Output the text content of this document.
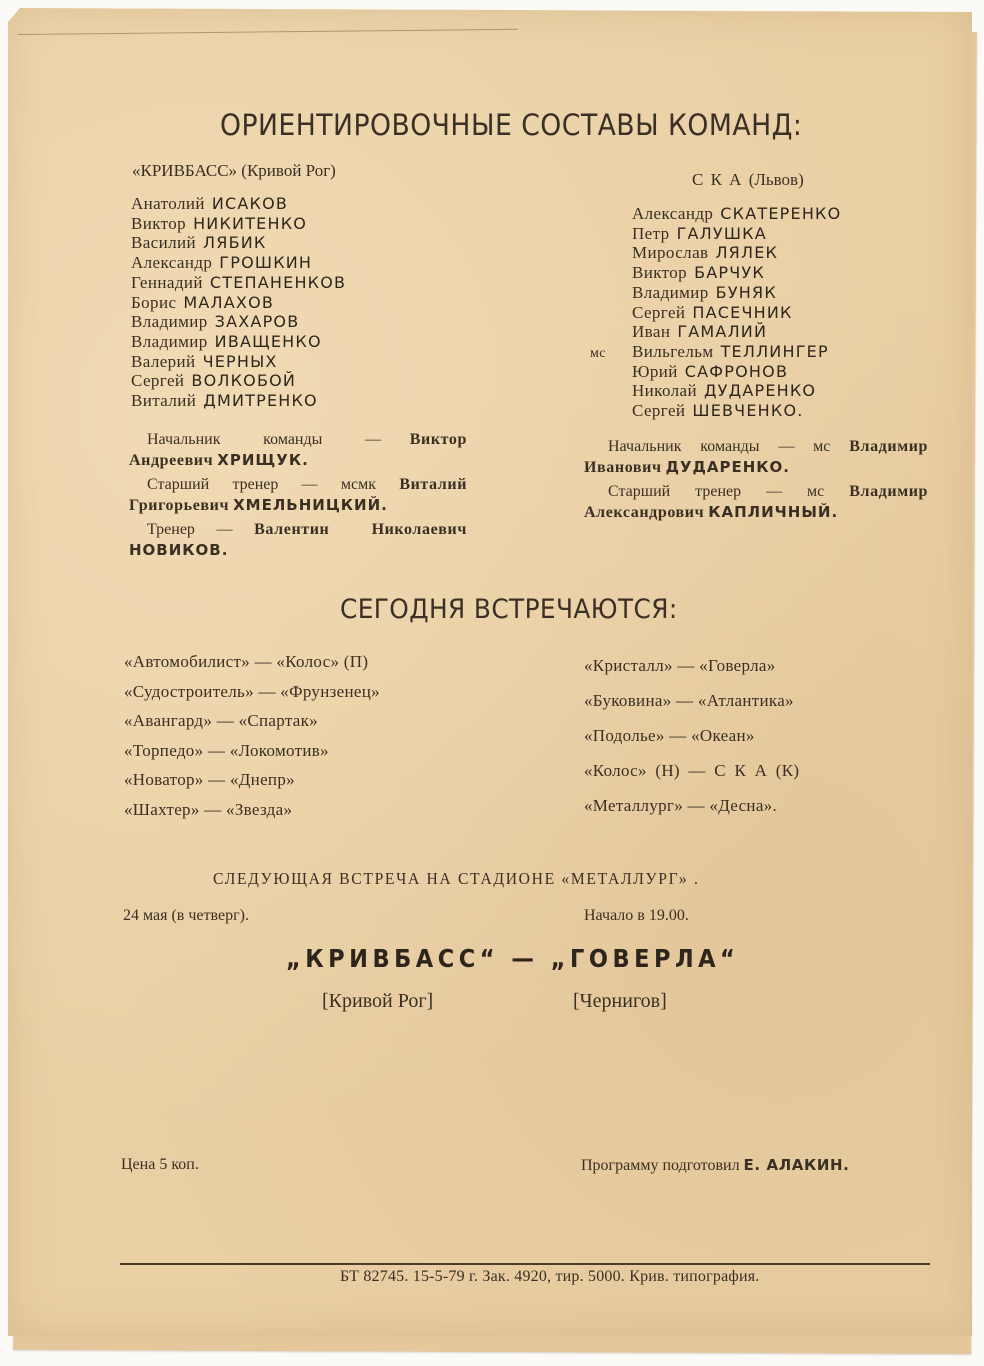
ОРИЕНТИРОВОЧНЫЕ СОСТАВЫ КОМАНД:
«КРИВБАСС» (Кривой Рог)
Анатолий ИСАКОВ
Виктор НИКИТЕНКО
Василий ЛЯБИК
Александр ГРОШКИН
Геннадий СТЕПАНЕНКОВ
Борис МАЛАХОВ
Владимир ЗАХАРОВ
Владимир ИВАЩЕНКО
Валерий ЧЕРНЫХ
Сергей ВОЛКОБОЙ
Виталий ДМИТРЕНКО

Начальник команды — Виктор Андреевич ХРИЩУК.

Старший тренер — мсмк Виталий Григорьевич ХМЕЛЬНИЦКИЙ.

Тренер — Валентин Николаевич НОВИКОВ.

С К А (Львов)
Александр СКАТЕРЕНКО
Петр ГАЛУШКА
Мирослав ЛЯЛЕК
Виктор БАРЧУК
Владимир БУНЯК
Сергей ПАСЕЧНИК
Иван ГАМАЛИЙ
мс Вильгельм ТЕЛЛИНГЕР
Юрий САФРОНОВ
Николай ДУДАРЕНКО
Сергей ШЕВЧЕНКО.

Начальник команды — мс Владимир Иванович ДУДАРЕНКО.

Старший тренер — мс Владимир Александрович КАПЛИЧНЫЙ.

СЕГОДНЯ ВСТРЕЧАЮТСЯ:
«Автомобилист» — «Колос» (П)
«Судостроитель» — «Фрунзенец»
«Авангард» — «Спартак»
«Торпедо» — «Локомотив»
«Новатор» — «Днепр»
«Шахтер» — «Звезда»
«Кристалл» — «Говерла»
«Буковина» — «Атлантика»
«Подолье» — «Океан»
«Колос» (Н) — С К А (К)
«Металлург» — «Десна».
СЛЕДУЮЩАЯ ВСТРЕЧА НА СТАДИОНЕ «МЕТАЛЛУРГ» .
24 мая (в четверг).	Начало в 19.00.
„КРИВБАСС“ — „ГОВЕРЛА“
[Кривой Рог]	[Чернигов]
Цена 5 коп.	Программу подготовил Е. АЛАКИН.
БТ 82745. 15-5-79 г. Зак. 4920, тир. 5000. Крив. типография.
